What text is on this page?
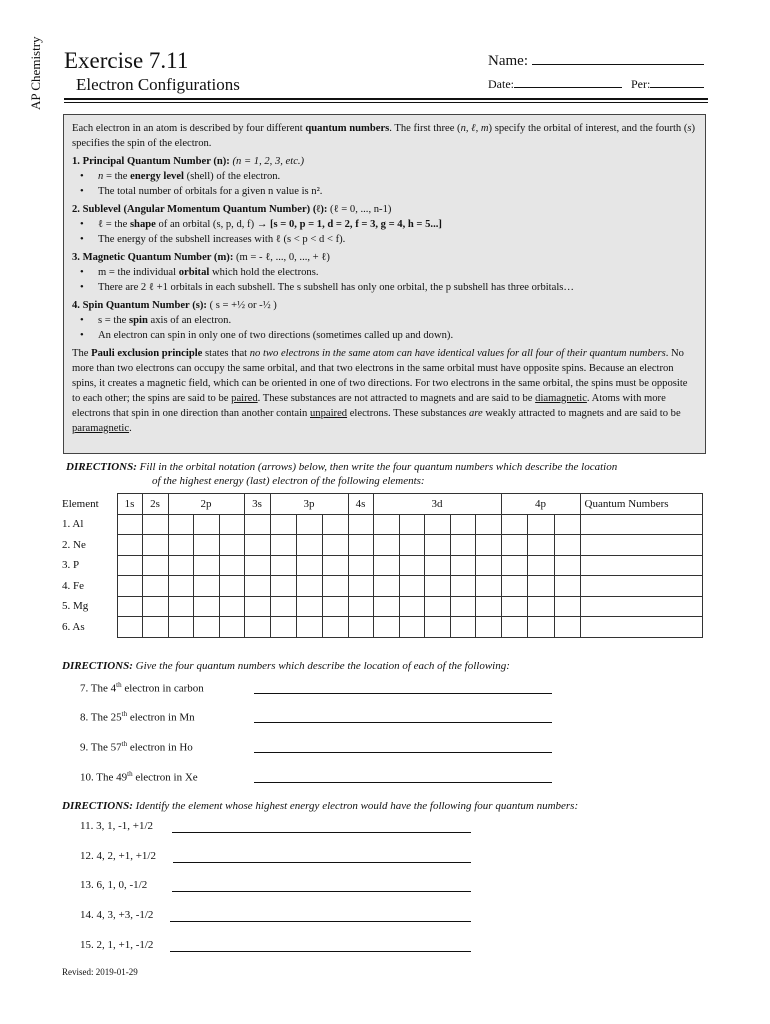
AP Chemistry Exercise 7.11
Electron Configurations
Name:
Date:	Per:

Each electron in an atom is described by four different quantum numbers. The first three (n, ℓ, m) specify the orbital of interest, and the fourth (s) specifies the spin of the electron.

1. Principal Quantum Number (n): (n = 1, 2, 3, etc.)

• n = the energy level (shell) of the electron.

• The total number of orbitals for a given n value is n².

2. Sublevel (Angular Momentum Quantum Number) (ℓ): (ℓ = 0, ..., n-1)

• ℓ = the shape of an orbital (s, p, d, f) → [s = 0, p = 1, d = 2, f = 3, g = 4, h = 5...]

• The energy of the subshell increases with ℓ (s < p < d < f).

3. Magnetic Quantum Number (m): (m = - ℓ, ..., 0, ..., + ℓ)

• m = the individual orbital which hold the electrons.

• There are 2 ℓ +1 orbitals in each subshell. The s subshell has only one orbital, the p subshell has three orbitals…

4. Spin Quantum Number (s): ( s = +½ or -½ )

• s = the spin axis of an electron.

• An electron can spin in only one of two directions (sometimes called up and down).

The Pauli exclusion principle states that no two electrons in the same atom can have identical values for all four of their quantum numbers. No more than two electrons can occupy the same orbital, and that two electrons in the same orbital must have opposite spins. Because an electron spins, it creates a magnetic field, which can be oriented in one of two directions. For two electrons in the same orbital, the spins must be opposite to each other; the spins are said to be paired. These substances are not attracted to magnets and are said to be diamagnetic. Atoms with more electrons that spin in one direction than another contain unpaired electrons. These substances are weakly attracted to magnets and are said to be paramagnetic.

DIRECTIONS: Fill in the orbital notation (arrows) below, then write the four quantum numbers which describe the location
of the highest energy (last) electron of the following elements:
Element	1s	2s	2p			3s	3p			4s	3d					4p			Quantum Numbers
1. Al																			
2. Ne																			
3. P																			
4. Fe																			
5. Mg																			
6. As																			
DIRECTIONS: Give the four quantum numbers which describe the location of each of the following:
7. The 4th electron in carbon
8. The 25th electron in Mn
9. The 57th electron in Ho
10. The 49th electron in Xe
DIRECTIONS: Identify the element whose highest energy electron would have the following four quantum numbers:
11. 3, 1, -1, +1/2
12. 4, 2, +1, +1/2
13. 6, 1, 0, -1/2
14. 4, 3, +3, -1/2
15. 2, 1, +1, -1/2
Revised: 2019-01-29
